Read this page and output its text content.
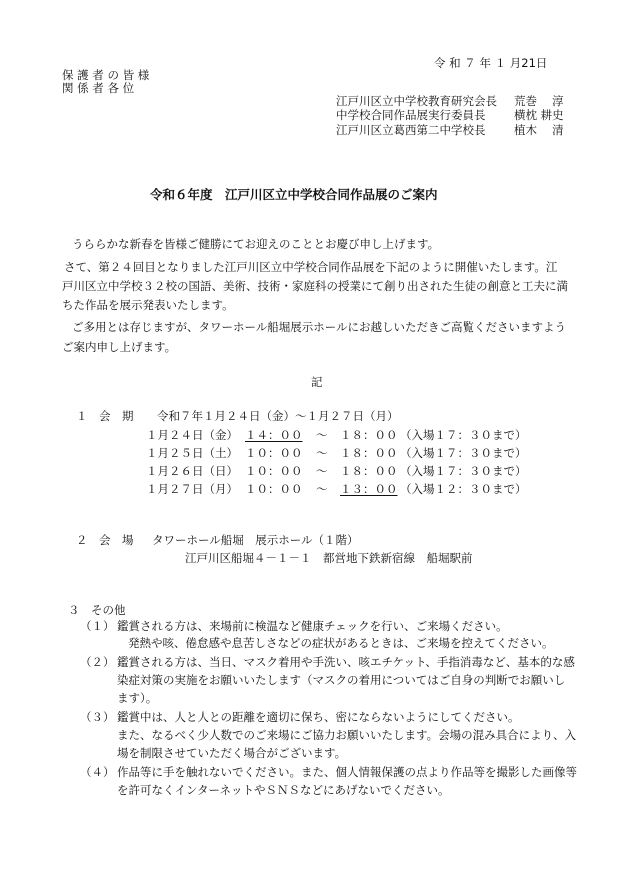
令 和 ７ 年 １ 月21日
保 護 者 の 皆 様
関 係 者 各 位
江戸川区立中学校教育研究会長 荒巻　 淳
中学校合同作品展実行委員長 横枕 耕史
江戸川区立葛西第二中学校長 植木　 清
令和６年度　江戸川区立中学校合同作品展のご案内
うららかな新春を皆様ご健勝にてお迎えのこととお慶び申し上げます。
さて、第２４回目となりました江戸川区立中学校合同作品展を下記のように開催いたします。江
戸川区立中学校３２校の国語、美術、技術・家庭科の授業にて創り出された生徒の創意と工夫に満
ちた作品を展示発表いたします。
ご多用とは存じますが、タワーホール船堀展示ホールにお越しいただきご高覧くださいますよう
ご案内申し上げます。
記
１　会　期 令和７年１月２４日（金）～１月２７日（月）
１月２４日（金） １４：００ ～ １８：００ （入場１７：３０まで）
１月２５日（土） １０：００ ～ １８：００ （入場１７：３０まで）
１月２６日（日） １０：００ ～ １８：００ （入場１７：３０まで）
１月２７日（月） １０：００ ～ １３：００ （入場１２：３０まで）
２　会　場 タワーホール船堀　展示ホール（１階）
江戸川区船堀４－１－１　都営地下鉄新宿線　船堀駅前
３　その他
（１） 鑑賞される方は、来場前に検温など健康チェックを行い、ご来場ください。
発熱や咳、倦怠感や息苦しさなどの症状があるときは、ご来場を控えてください。
（２） 鑑賞される方は、当日、マスク着用や手洗い、咳エチケット、手指消毒など、基本的な感
染症対策の実施をお願いいたします（マスクの着用についてはご自身の判断でお願いし
ます）。
（３） 鑑賞中は、人と人との距離を適切に保ち、密にならないようにしてください。
また、なるべく少人数でのご来場にご協力お願いいたします。会場の混み具合により、入
場を制限させていただく場合がございます。
（４） 作品等に手を触れないでください。また、個人情報保護の点より作品等を撮影した画像等
を許可なくインターネットやＳＮＳなどにあげないでください。
